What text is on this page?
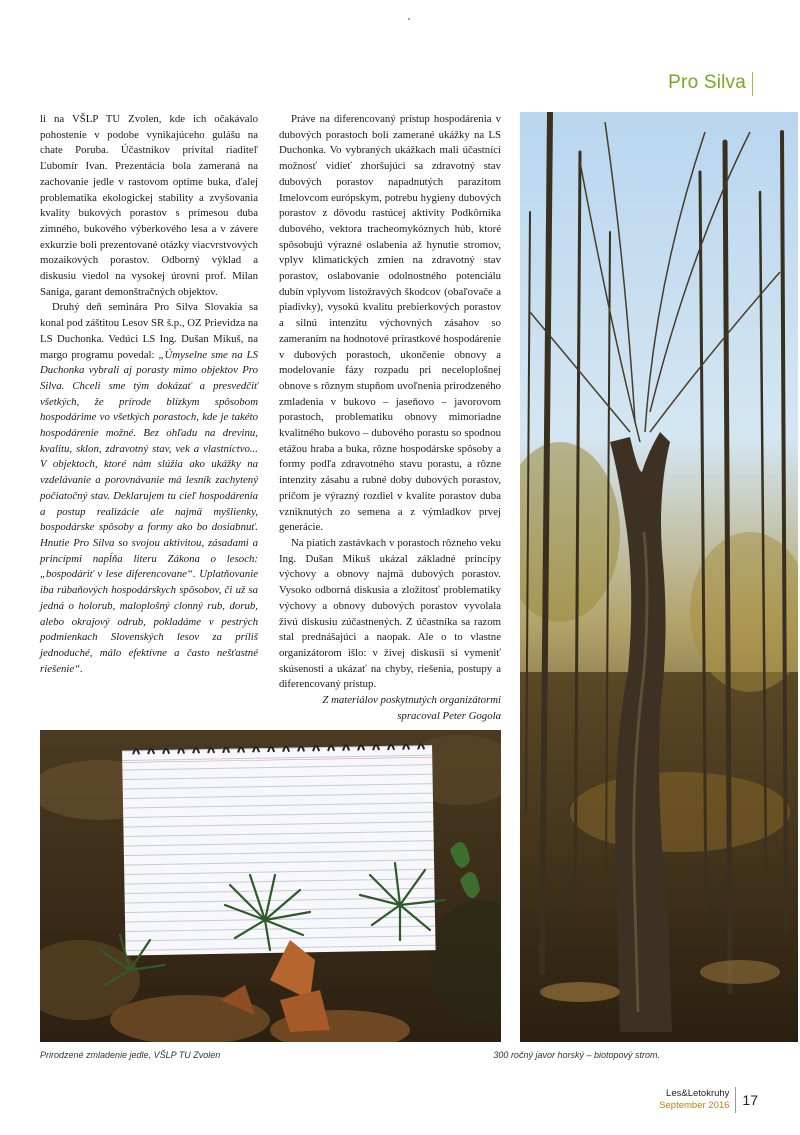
Pro Silva

li na VŠLP TU Zvolen, kde ich očakávalo pohostenie v podobe vynikajúceho gulášu na chate Poruba. Účastníkov privítal riaditeľ Ľubomír Ivan. Prezentácia bola zameraná na zachovanie jedle v rastovom optime buka, ďalej problematika ekologickej stability a zvyšovania kvality bukových porastov s prímesou duba zimného, bukového výberkového lesa a v závere exkurzie boli prezentované otázky viacvrstvových mozaikových porastov. Odborný výklad a diskusiu viedol na vysokej úrovni prof. Milan Saniga, garant demonštračných objektov.

Druhý deň seminára Pro Silva Slovakia sa konal pod záštitou Lesov SR š.p., OZ Prievidza na LS Duchonka. Vedúci LS Ing. Dušan Mikuš, na margo programu povedal: „Úmyselne sme na LS Duchonka vybrali aj porasty mimo objektov Pro Silva. Chceli sme tým dokázať a presvedčiť všetkých, že prírode blízkym spôsobom hospodárime vo všetkých porastoch, kde je takéto hospodárenie možné. Bez ohľadu na drevinu, kvalitu, sklon, zdravotný stav, vek a vlastníctvo... V objektoch, ktoré nám slúžia ako ukážky na vzdelávanie a porovnávanie má lesník zachytený počiatočný stav. Deklarujem tu cieľ hospodárenia a postup realizácie ale najmä myšlienky, bospodárske spôsoby a formy ako bo dosiabnuť. Hnutie Pro Silva so svojou aktivitou, zásadami a princípmi napĺňa literu Zákona o lesoch: „bospodáriť v lese diferencovane“. Uplatňovanie iba rúbaňových hospodárskych spôsobov, či už sa jedná o holorub, maloplošný clonný rub, dorub, alebo okrajový odrub, pokladáme v pestrých podmienkach Slovenských lesov za príliš jednoduché, málo efektívne a často nešťastné riešenie“.

Práve na diferencovaný prístup hospodárenia v dubových porastoch boli zamerané ukážky na LS Duchonka. Vo vybraných ukážkach mali účastníci možnosť vidieť zhoršujúci sa zdravotný stav dubových porastov napadnutých parazitom Imelovcom európskym, potrebu hygieny dubových porastov z dôvodu rastúcej aktivity Podkôrnika dubového, vektora tracheomykóznych húb, ktoré spôsobujú výrazné oslabenia až hynutie stromov, vplyv klimatických zmien na zdravotný stav porastov, oslabovanie odolnostného potenciálu dubín vplyvom listožravých škodcov (obaľovače a piadivky), vysokú kvalitu prebierkových porastov a silnú intenzitu výchovných zásahov so zameraním na hodnotové prírastkové hospodárenie v dubových porastoch, ukončenie obnovy a modelovanie fázy rozpadu pri neceloplošnej obnove s rôznym stupňom uvoľnenia prirodzeného zmladenia v bukovo – jaseňovo – javorovom porastoch, problematiku obnovy mimoriadne kvalitného bukovo – dubového porastu so spodnou etážou hraba a buka, rôzne hospodárske spôsoby a formy podľa zdravotného stavu porastu, a rôzne intenzity zásahu a rubné doby dubových porastov, pričom je výrazný rozdiel v kvalite porastov duba vzniknutých zo semena a z výmladkov prvej generácie.

Na piatich zastávkach v porastoch rôzneho veku Ing. Dušan Mikuš ukázal základné princípy výchovy a obnovy najmä dubových porastov. Vysoko odborná diskusia a zložitosť problematiky výchovy a obnovy dubových porastov vyvolala živú diskusiu zúčastnených. Z účastníka sa razom stal prednášajúci a naopak. Ale o to vlastne organizátorom išlo: v živej diskusii si vymeniť skúsenosti a ukázať na chyby, riešenia, postupy a diferencovaný prístup.

Z materiálov poskytnutých organizátormi spracoval Peter Gogola

Prirodzené zmladenie jedle, VŠLP TU Zvolen	300 ročný javor horský – biotopový strom.
Les&Letokruhy
September 2016 17
